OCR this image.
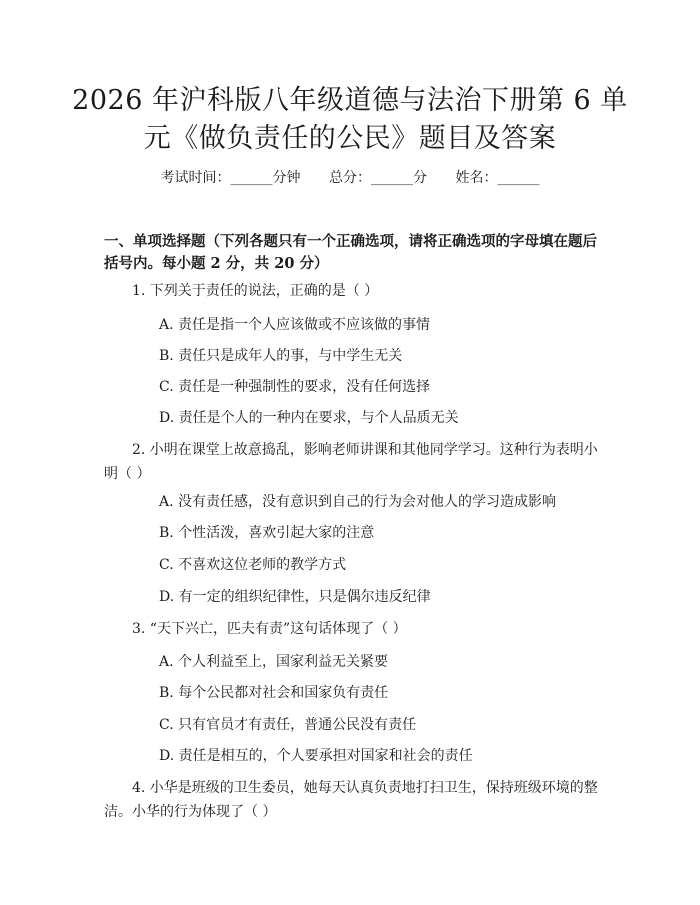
2026 年沪科版八年级道德与法治下册第 6 单
元《做负责任的公民》题目及答案
考试时间：______分钟 总分：______分 姓名：______
一、单项选择题（下列各题只有一个正确选项，请将正确选项的字母填在题后括号内。每小题 2 分，共 20 分）
1. 下列关于责任的说法，正确的是（ ）
A. 责任是指一个人应该做或不应该做的事情
B. 责任只是成年人的事，与中学生无关
C. 责任是一种强制性的要求，没有任何选择
D. 责任是个人的一种内在要求，与个人品质无关
2. 小明在课堂上故意捣乱，影响老师讲课和其他同学学习。这种行为表明小明（ ）
A. 没有责任感，没有意识到自己的行为会对他人的学习造成影响
B. 个性活泼，喜欢引起大家的注意
C. 不喜欢这位老师的教学方式
D. 有一定的组织纪律性，只是偶尔违反纪律
3. “天下兴亡，匹夫有责”这句话体现了（ ）
A. 个人利益至上，国家利益无关紧要
B. 每个公民都对社会和国家负有责任
C. 只有官员才有责任，普通公民没有责任
D. 责任是相互的，个人要承担对国家和社会的责任
4. 小华是班级的卫生委员，她每天认真负责地打扫卫生，保持班级环境的整洁。小华的行为体现了（ ）
